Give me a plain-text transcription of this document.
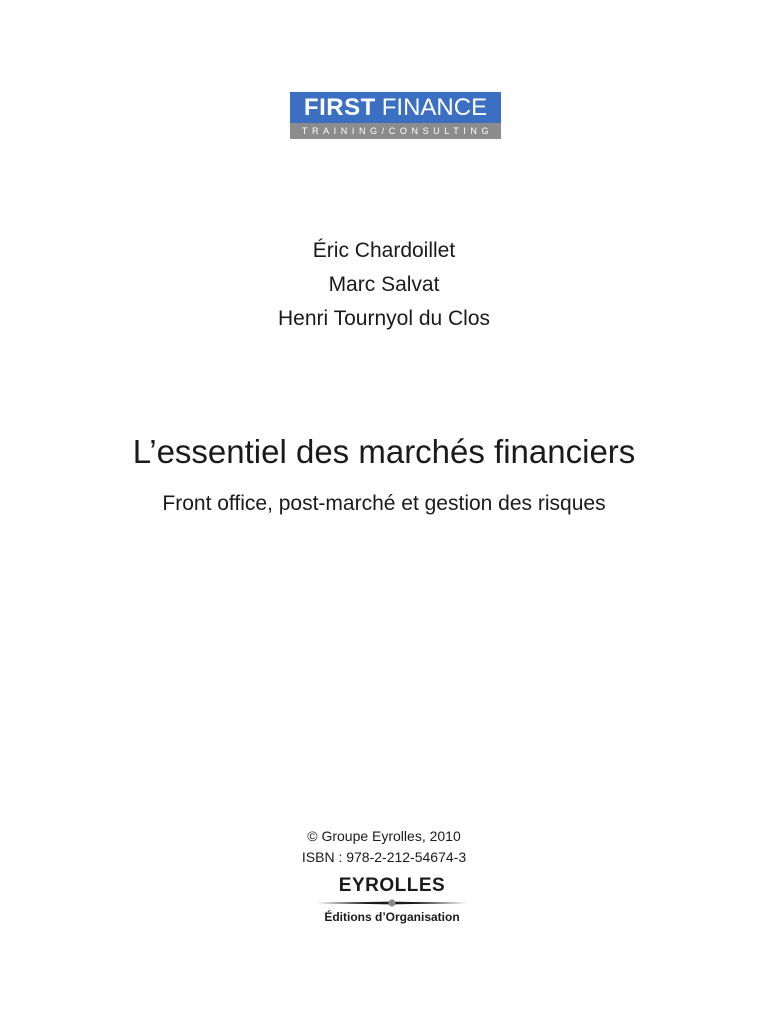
FIRST FINANCE
TRAINING/CONSULTING
Éric Chardoillet
Marc Salvat
Henri Tournyol du Clos
L’essentiel des marchés financiers
Front office, post-marché et gestion des risques
© Groupe Eyrolles, 2010
ISBN : 978-2-212-54674-3
EYROLLES
Éditions d’Organisation
